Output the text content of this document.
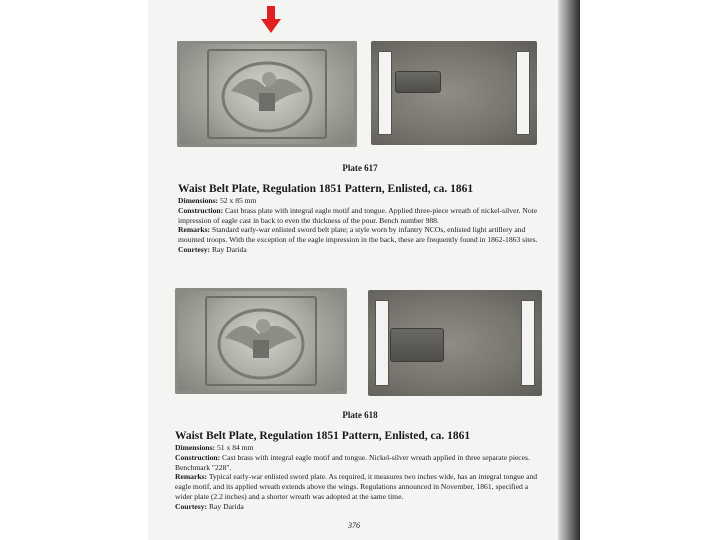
Plate 617
Waist Belt Plate, Regulation 1851 Pattern, Enlisted, ca. 1861
Dimensions: 52 x 85 mm
Construction: Cast brass plate with integral eagle motif and tongue. Applied three-piece wreath of nickel-silver. Note impression of eagle cast in back to even the thickness of the pour. Bench number 988.
Remarks: Standard early-war enlisted sword belt plate; a style worn by infantry NCOs, enlisted light artillery and mounted troops. With the exception of the eagle impression in the back, these are frequently found in 1862-1863 sites.
Courtesy: Ray Darida
Plate 618
Waist Belt Plate, Regulation 1851 Pattern, Enlisted, ca. 1861
Dimensions: 51 x 84 mm
Construction: Cast brass with integral eagle motif and tongue. Nickel-silver wreath applied in three separate pieces. Benchmark "228".
Remarks: Typical early-war enlisted sword plate. As required, it measures two inches wide, has an integral tongue and eagle motif, and its applied wreath extends above the wings. Regulations announced in November, 1861, specified a wider plate (2.2 inches) and a shorter wreath was adopted at the same time.
Courtesy: Ray Darida
376
